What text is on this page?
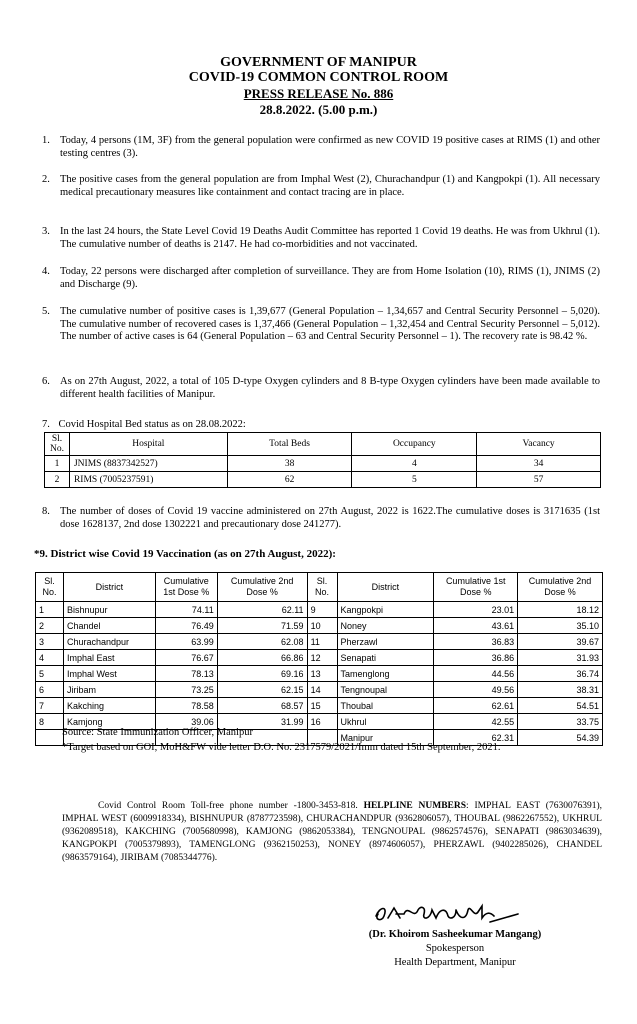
GOVERNMENT OF MANIPUR
COVID-19 COMMON CONTROL ROOM
PRESS RELEASE No. 886
28.8.2022. (5.00 p.m.)
1. Today, 4 persons (1M, 3F) from the general population were confirmed as new COVID 19 positive cases at RIMS (1) and other testing centres (3).
2. The positive cases from the general population are from Imphal West (2), Churachandpur (1) and Kangpokpi (1). All necessary medical precautionary measures like containment and contact tracing are in place.
3. In the last 24 hours, the State Level Covid 19 Deaths Audit Committee has reported 1 Covid 19 deaths. He was from Ukhrul (1). The cumulative number of deaths is 2147. He had co-morbidities and not vaccinated.
4. Today, 22 persons were discharged after completion of surveillance. They are from Home Isolation (10), RIMS (1), JNIMS (2) and Discharge (9).
5. The cumulative number of positive cases is 1,39,677 (General Population – 1,34,657 and Central Security Personnel – 5,020). The cumulative number of recovered cases is 1,37,466 (General Population – 1,32,454 and Central Security Personnel – 5,012). The number of active cases is 64 (General Population – 63 and Central Security Personnel – 1). The recovery rate is 98.42 %.
6. As on 27th August, 2022, a total of 105 D-type Oxygen cylinders and 8 B-type Oxygen cylinders have been made available to different health facilities of Manipur.
7. Covid Hospital Bed status as on 28.08.2022:
Sl. No.	Hospital	Total Beds	Occupancy	Vacancy
1	JNIMS (8837342527)	38	4	34
2	RIMS (7005237591)	62	5	57
8. The number of doses of Covid 19 vaccine administered on 27th August, 2022 is 1622.The cumulative doses is 3171635 (1st dose 1628137, 2nd dose 1302221 and precautionary dose 241277).
*9. District wise Covid 19 Vaccination (as on 27th August, 2022):
Sl. No.	District	Cumulative 1st Dose %	Cumulative 2nd Dose %	Sl. No.	District	Cumulative 1st Dose %	Cumulative 2nd Dose %
1	Bishnupur	74.11	62.11	9	Kangpokpi	23.01	18.12
2	Chandel	76.49	71.59	10	Noney	43.61	35.10
3	Churachandpur	63.99	62.08	11	Pherzawl	36.83	39.67
4	Imphal East	76.67	66.86	12	Senapati	36.86	31.93
5	Imphal West	78.13	69.16	13	Tamenglong	44.56	36.74
6	Jiribam	73.25	62.15	14	Tengnoupal	49.56	38.31
7	Kakching	78.58	68.57	15	Thoubal	62.61	54.51
8	Kamjong	39.06	31.99	16	Ukhrul	42.55	33.75
					Manipur	62.31	54.39
Source: State Immunization Officer, Manipur
*Target based on GOI, MoH&FW vide letter D.O. No. 2317579/2021/Imm dated 15th September, 2021.
Covid Control Room Toll-free phone number -1800-3453-818. HELPLINE NUMBERS: IMPHAL EAST (7630076391), IMPHAL WEST (6009918334), BISHNUPUR (8787723598), CHURACHANDPUR (9362806057), THOUBAL (9862267552), UKHRUL (9362089518), KAKCHING (7005680998), KAMJONG (9862053384), TENGNOUPAL (9862574576), SENAPATI (9863034639), KANGPOKPI (7005379893), TAMENGLONG (9362150253), NONEY (8974606057), PHERZAWL (9402285026), CHANDEL (9863579164), JIRIBAM (7085344776).
(Dr. Khoirom Sasheekumar Mangang)
Spokesperson
Health Department, Manipur
